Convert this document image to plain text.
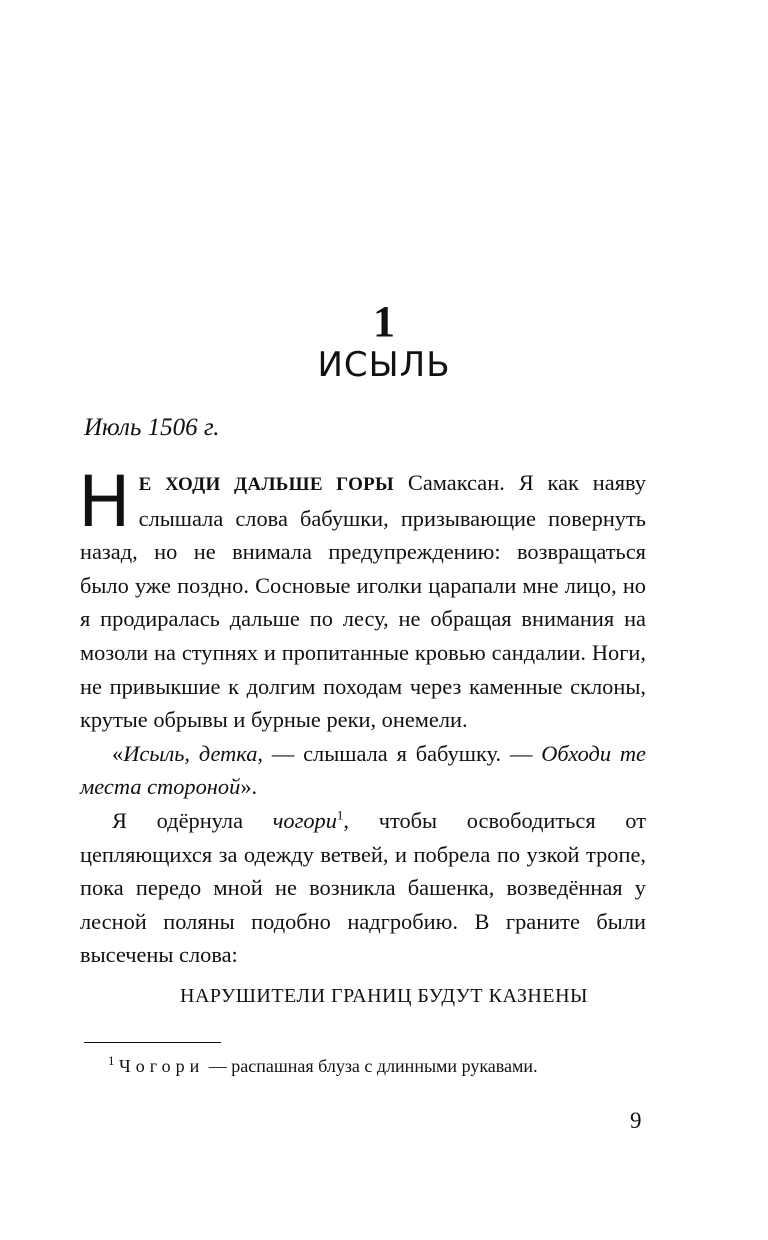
1
ИСЫЛЬ
Июль 1506 г.

Н Е ХОДИ ДАЛЬШЕ ГОРЫ Самаксан. Я как наяву слышала слова бабушки, призывающие повернуть назад, но не внимала предупреждению: возвращаться было уже поздно. Сосновые иголки царапали мне лицо, но я продиралась дальше по лесу, не обращая внимания на мозоли на ступнях и пропитанные кровью сандалии. Ноги, не привыкшие к долгим походам через каменные склоны, крутые обрывы и бурные реки, онемели.

«Исыль, детка, — слышала я бабушку. — Обходи те места стороной».

Я одёрнула чогори$^1$, чтобы освободиться от цепляющихся за одежду ветвей, и побрела по узкой тропе, пока передо мной не возникла башенка, возведённая у лесной поляны подобно надгробию. В граните были высечены слова:

НАРУШИТЕЛИ ГРАНИЦ БУДУТ КАЗНЕНЫ
$^1$ Чогори — распашная блуза с длинными рукавами.
9
